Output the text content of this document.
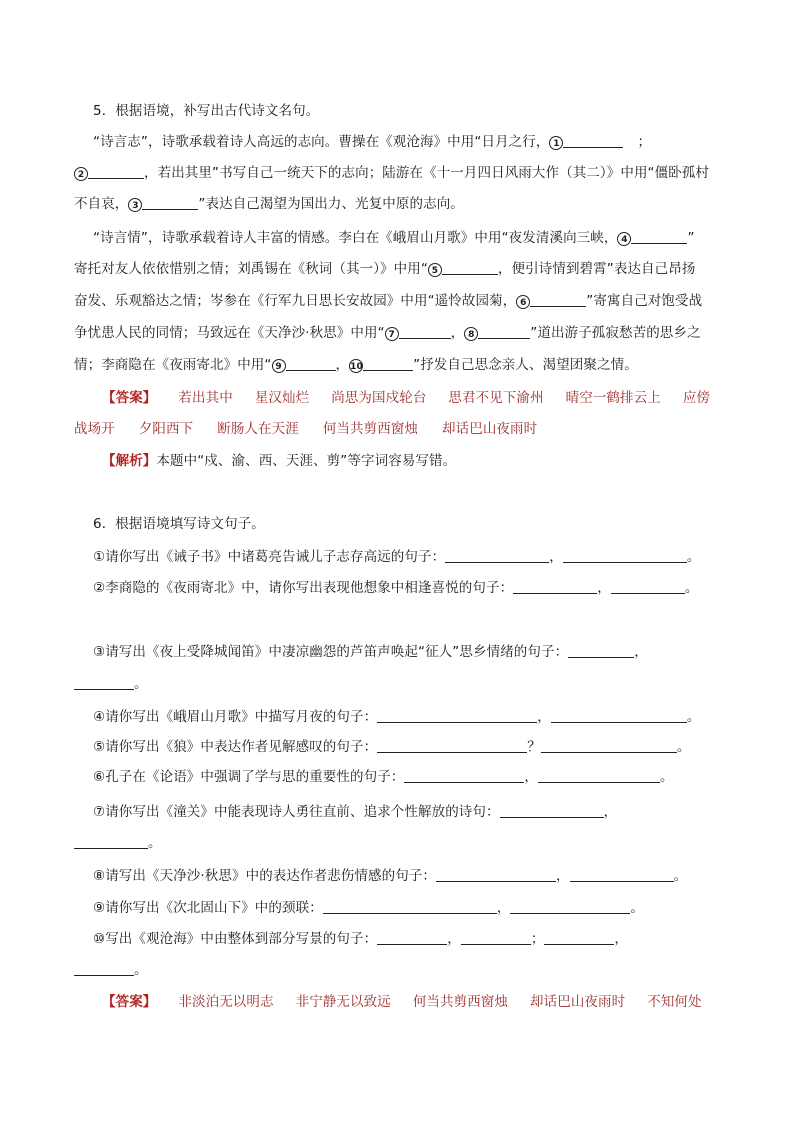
5．根据语境，补写出古代诗文名句。
“诗言志”，诗歌承载着诗人高远的志向。曹操在《观沧海》中用“日月之行， 1	；
2	，若出其里”书写自己一统天下的志向；陆游在《十一月四日风雨大作（其二）》中用“僵卧孤村
不自哀， 3	”表达自己渴望为国出力、光复中原的志向。
“诗言情”，诗歌承载着诗人丰富的情感。李白在《峨眉山月歌》中用“夜发清溪向三峡， 4	”
寄托对友人依依惜别之情；刘禹锡在《秋词（其一）》中用“ 5	，便引诗情到碧霄”表达自己昂扬
奋发、乐观豁达之情；岑参在《行军九日思长安故园》中用“遥怜故园菊， 6	”寄寓自己对饱受战
争忧患人民的同情；马致远在《天净沙·秋思》中用“ 7	， 8	”道出游子孤寂愁苦的思乡之
情；李商隐在《夜雨寄北》中用“ 9	，10	”抒发自己思念亲人、渴望团聚之情。
【答案】 若出其中 星汉灿烂 尚思为国戍轮台 思君不见下渝州 晴空一鹤排云上 应傍
战场开 夕阳西下 断肠人在天涯 何当共剪西窗烛 却话巴山夜雨时
【解析】本题中“戍、渝、西、天涯、剪”等字词容易写错。
6．根据语境填写诗文句子。
①请你写出《诫子书》中诸葛亮告诫儿子志存高远的句子：	，	。
②李商隐的《夜雨寄北》中，请你写出表现他想象中相逢喜悦的句子：	，	。
③请写出《夜上受降城闻笛》中凄凉幽怨的芦笛声唤起“征人”思乡情绪的句子：	，
。
④请你写出《峨眉山月歌》中描写月夜的句子：	，	。
⑤请你写出《狼》中表达作者见解感叹的句子：	？	。
⑥孔子在《论语》中强调了学与思的重要性的句子：	，	。
⑦请你写出《潼关》中能表现诗人勇往直前、追求个性解放的诗句：	，
。
⑧请写出《天净沙·秋思》中的表达作者悲伤情感的句子：	，	。
⑨请你写出《次北固山下》中的颈联：	，	。
⑩写出《观沧海》中由整体到部分写景的句子：	，	；	，
。
【答案】 非淡泊无以明志 非宁静无以致远 何当共剪西窗烛 却话巴山夜雨时 不知何处
